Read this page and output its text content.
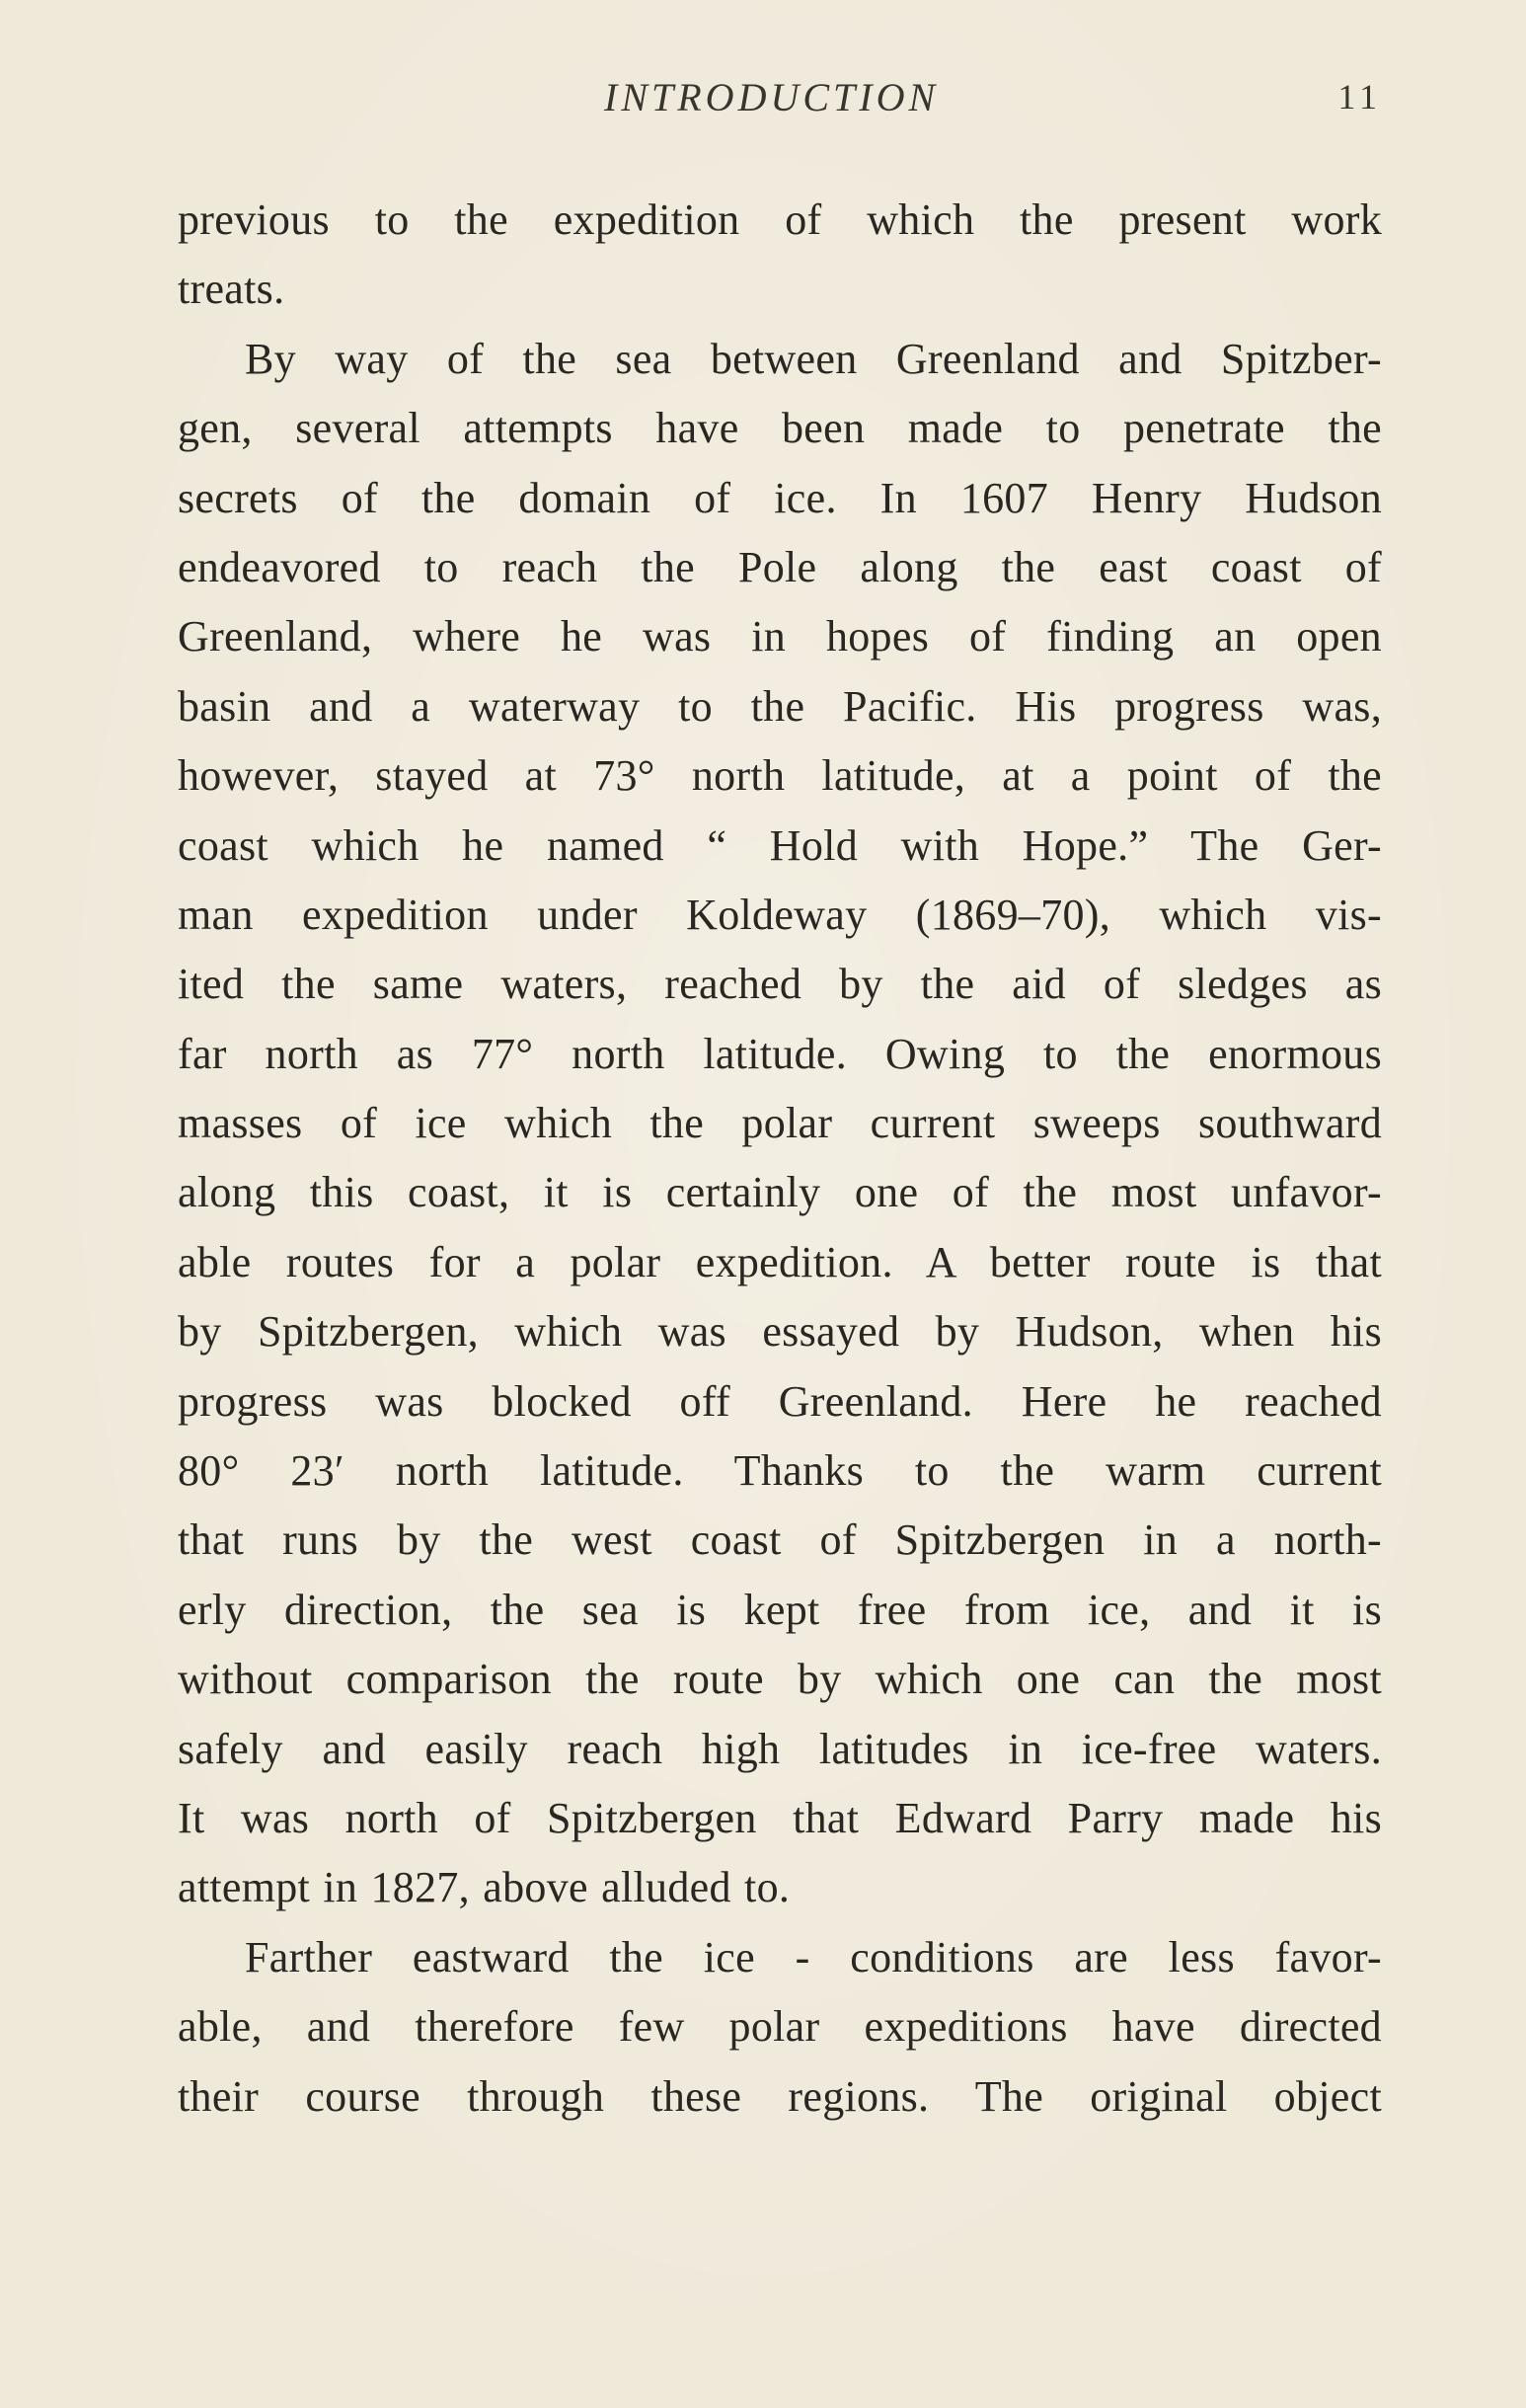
INTRODUCTION	11
previous to the expedition of which the present work
treats.
By way of the sea between Greenland and Spitzber-
gen, several attempts have been made to penetrate the
secrets of the domain of ice. In 1607 Henry Hudson
endeavored to reach the Pole along the east coast of
Greenland, where he was in hopes of finding an open
basin and a waterway to the Pacific. His progress was,
however, stayed at 73° north latitude, at a point of the
coast which he named “ Hold with Hope.” The Ger-
man expedition under Koldeway (1869–70), which vis-
ited the same waters, reached by the aid of sledges as
far north as 77° north latitude. Owing to the enormous
masses of ice which the polar current sweeps southward
along this coast, it is certainly one of the most unfavor-
able routes for a polar expedition. A better route is that
by Spitzbergen, which was essayed by Hudson, when his
progress was blocked off Greenland. Here he reached
80° 23′ north latitude. Thanks to the warm current
that runs by the west coast of Spitzbergen in a north-
erly direction, the sea is kept free from ice, and it is
without comparison the route by which one can the most
safely and easily reach high latitudes in ice-free waters.
It was north of Spitzbergen that Edward Parry made his
attempt in 1827, above alluded to.
Farther eastward the ice - conditions are less favor-
able, and therefore few polar expeditions have directed
their course through these regions. The original object
